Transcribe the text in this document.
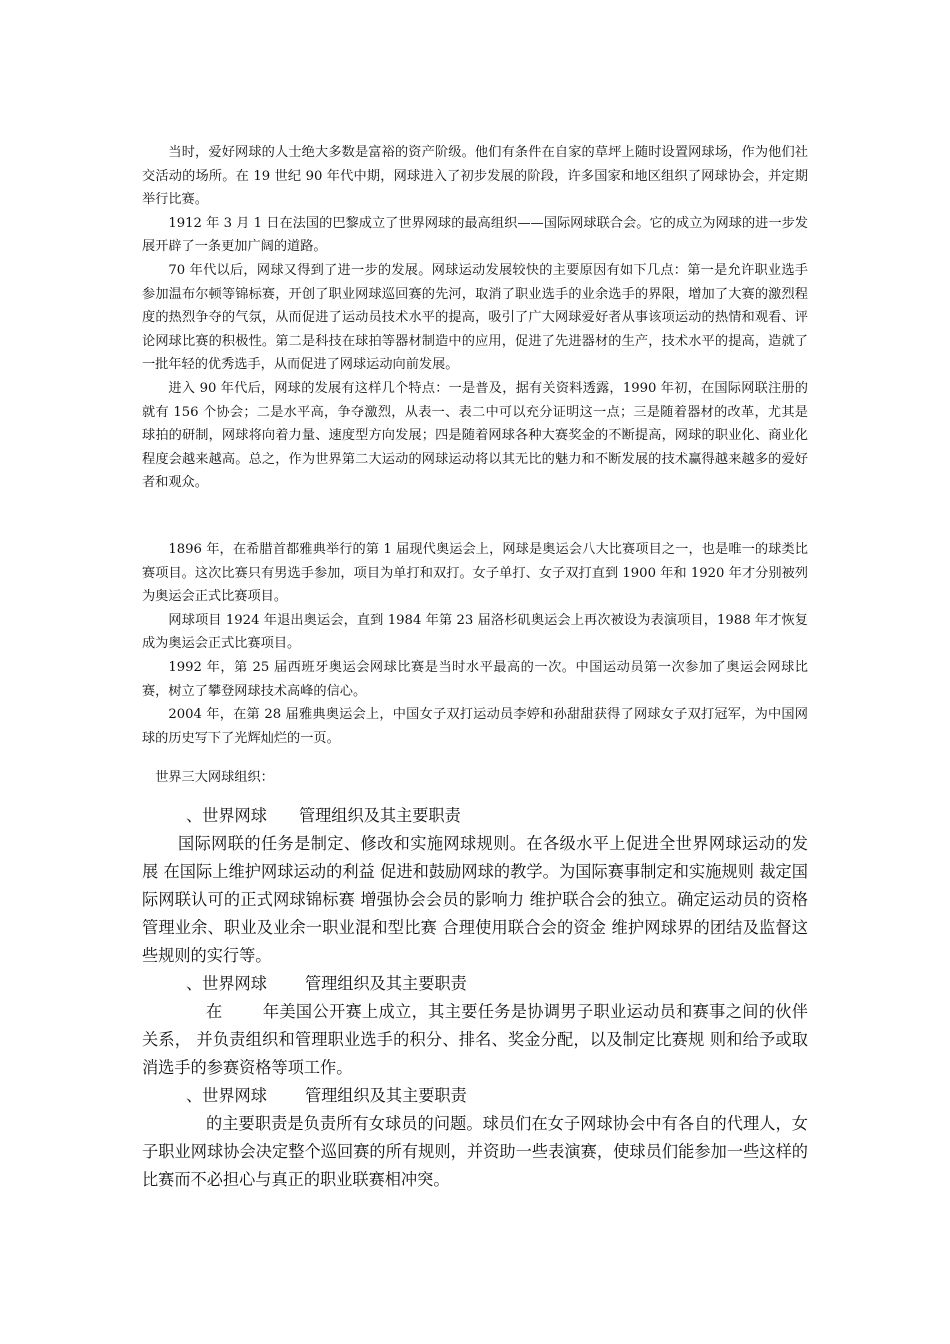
当时，爱好网球的人士绝大多数是富裕的资产阶级。他们有条件在自家的草坪上随时设置网球场，作为他们社交活动的场所。在 19 世纪 90 年代中期，网球进入了初步发展的阶段，许多国家和地区组织了网球协会，并定期举行比赛。

1912 年 3 月 1 日在法国的巴黎成立了世界网球的最高组织——国际网球联合会。它的成立为网球的进一步发展开辟了一条更加广阔的道路。

70 年代以后，网球又得到了进一步的发展。网球运动发展较快的主要原因有如下几点：第一是允许职业选手参加温布尔顿等锦标赛，开创了职业网球巡回赛的先河，取消了职业选手的业余选手的界限，增加了大赛的激烈程度的热烈争夺的气氛，从而促进了运动员技术水平的提高，吸引了广大网球爱好者从事该项运动的热情和观看、评论网球比赛的积极性。第二是科技在球拍等器材制造中的应用，促进了先进器材的生产，技术水平的提高，造就了一批年轻的优秀选手，从而促进了网球运动向前发展。

进入 90 年代后，网球的发展有这样几个特点：一是普及，据有关资料透露，1990 年初，在国际网联注册的就有 156 个协会；二是水平高，争夺激烈，从表一、表二中可以充分证明这一点；三是随着器材的改革，尤其是球拍的研制，网球将向着力量、速度型方向发展；四是随着网球各种大赛奖金的不断提高，网球的职业化、商业化程度会越来越高。总之，作为世界第二大运动的网球运动将以其无比的魅力和不断发展的技术赢得越来越多的爱好者和观众。

1896 年，在希腊首都雅典举行的第 1 届现代奥运会上，网球是奥运会八大比赛项目之一，也是唯一的球类比赛项目。这次比赛只有男选手参加，项目为单打和双打。女子单打、女子双打直到 1900 年和 1920 年才分别被列为奥运会正式比赛项目。

网球项目 1924 年退出奥运会，直到 1984 年第 23 届洛杉矶奥运会上再次被设为表演项目，1988 年才恢复成为奥运会正式比赛项目。

1992 年，第 25 届西班牙奥运会网球比赛是当时水平最高的一次。中国运动员第一次参加了奥运会网球比赛，树立了攀登网球技术高峰的信心。

2004 年，在第 28 届雅典奥运会上，中国女子双打运动员李婷和孙甜甜获得了网球女子双打冠军，为中国网球的历史写下了光辉灿烂的一页。

世界三大网球组织：

、世界网球 管理组织及其主要职责

国际网联的任务是制定、修改和实施网球规则。在各级水平上促进全世界网球运动的发展 在国际上维护网球运动的利益 促进和鼓励网球的教学。为国际赛事制定和实施规则 裁定国际网联认可的正式网球锦标赛 增强协会会员的影响力 维护联合会的独立。确定运动员的资格 管理业余、职业及业余一职业混和型比赛 合理使用联合会的资金 维护网球界的团结及监督这些规则的实行等。

、世界网球 管理组织及其主要职责

在 年美国公开赛上成立，其主要任务是协调男子职业运动员和赛事之间的伙伴关系， 并负责组织和管理职业选手的积分、排名、奖金分配，以及制定比赛规 则和给予或取消选手的参赛资格等项工作。

、世界网球 管理组织及其主要职责

的主要职责是负责所有女球员的问题。球员们在女子网球协会中有各自的代理人，女子职业网球协会决定整个巡回赛的所有规则，并资助一些表演赛，使球员们能参加一些这样的比赛而不必担心与真正的职业联赛相冲突。
